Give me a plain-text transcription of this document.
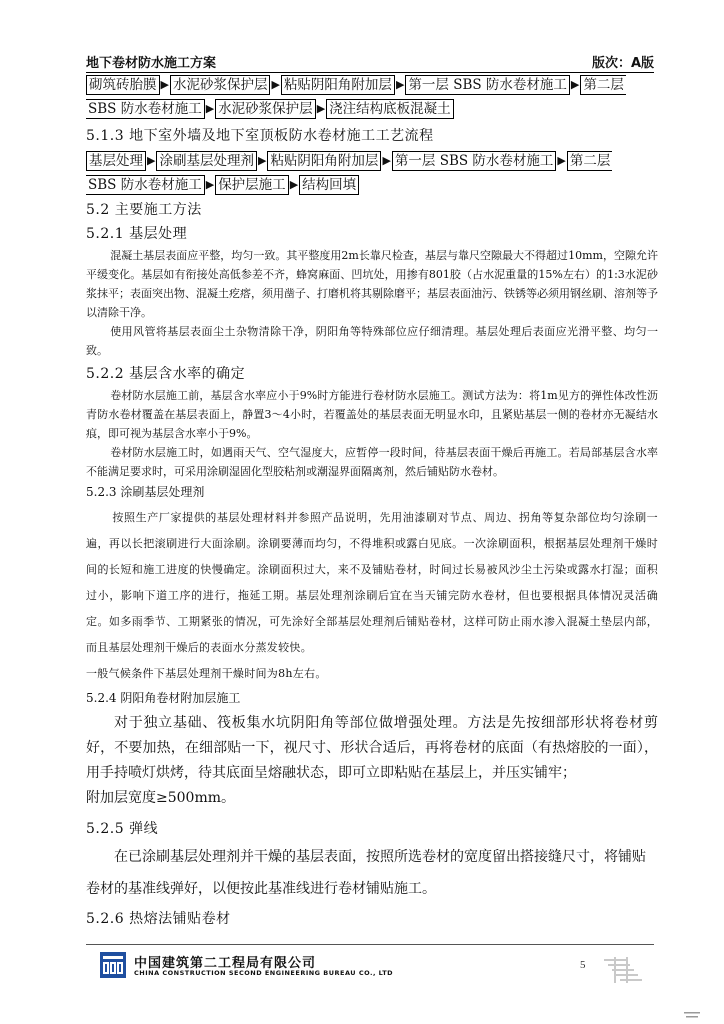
地下卷材防水施工方案	版次：A版
砌筑砖胎膜 ▶ 水泥砂浆保护层 ▶ 粘贴阴阳角附加层 ▶ 第一层 SBS 防水卷材施工 ▶ 第二层
SBS 防水卷材施工 ▶ 水泥砂浆保护层 ▶ 浇注结构底板混凝土
5.1.3 地下室外墙及地下室顶板防水卷材施工工艺流程
基层处理 ▶ 涂刷基层处理剂 ▶ 粘贴阴阳角附加层 ▶ 第一层 SBS 防水卷材施工 ▶ 第二层
SBS 防水卷材施工 ▶ 保护层施工 ▶ 结构回填
5.2 主要施工方法
5.2.1 基层处理

混凝土基层表面应平整，均匀一致。其平整度用2m长靠尺检查，基层与靠尺空隙最大不得超过10mm，空隙允许平缓变化。基层如有衔接处高低参差不齐，蜂窝麻面、凹坑处，用掺有801胶（占水泥重量的15%左右）的1:3水泥砂浆抹平；表面突出物、混凝土疙瘩，须用凿子、打磨机将其剔除磨平；基层表面油污、铁锈等必须用钢丝刷、溶剂等予以清除干净。

使用风管将基层表面尘土杂物清除干净，阴阳角等特殊部位应仔细清理。基层处理后表面应光滑平整、均匀一致。

5.2.2 基层含水率的确定

卷材防水层施工前，基层含水率应小于9%时方能进行卷材防水层施工。测试方法为：将1m见方的弹性体改性沥青防水卷材覆盖在基层表面上，静置3～4小时，若覆盖处的基层表面无明显水印，且紧贴基层一侧的卷材亦无凝结水痕，即可视为基层含水率小于9%。

卷材防水层施工时，如遇雨天气、空气湿度大，应暂停一段时间，待基层表面干燥后再施工。若局部基层含水率不能满足要求时，可采用涂刷湿固化型胶粘剂或潮湿界面隔离剂，然后铺贴防水卷材。

5.2.3 涂刷基层处理剂

按照生产厂家提供的基层处理材料并参照产品说明，先用油漆刷对节点、周边、拐角等复杂部位均匀涂刷一遍，再以长把滚刷进行大面涂刷。涂刷要薄而均匀，不得堆积或露白见底。一次涂刷面积，根据基层处理剂干燥时间的长短和施工进度的快慢确定。涂刷面积过大，来不及铺贴卷材，时间过长易被风沙尘土污染或露水打湿；面积过小，影响下道工序的进行，拖延工期。基层处理剂涂刷后宜在当天铺完防水卷材，但也要根据具体情况灵活确定。如多雨季节、工期紧张的情况，可先涂好全部基层处理剂后铺贴卷材，这样可防止雨水渗入混凝土垫层内部，而且基层处理剂干燥后的表面水分蒸发较快。

一般气候条件下基层处理剂干燥时间为8h左右。

5.2.4 阴阳角卷材附加层施工

对于独立基础、筏板集水坑阴阳角等部位做增强处理。方法是先按细部形状将卷材剪好，不要加热，在细部贴一下，视尺寸、形状合适后，再将卷材的底面（有热熔胶的一面），用手持喷灯烘烤，待其底面呈熔融状态，即可立即粘贴在基层上，并压实铺牢；

附加层宽度≥500mm。

5.2.5 弹线

在已涂刷基层处理剂并干燥的基层表面，按照所选卷材的宽度留出搭接缝尺寸，将铺贴卷材的基准线弹好，以便按此基准线进行卷材铺贴施工。

5.2.6 热熔法铺贴卷材
中国建筑第二工程局有限公司
CHINA CONSTRUCTION SECOND ENGINEERING BUREAU CO., LTD
5
